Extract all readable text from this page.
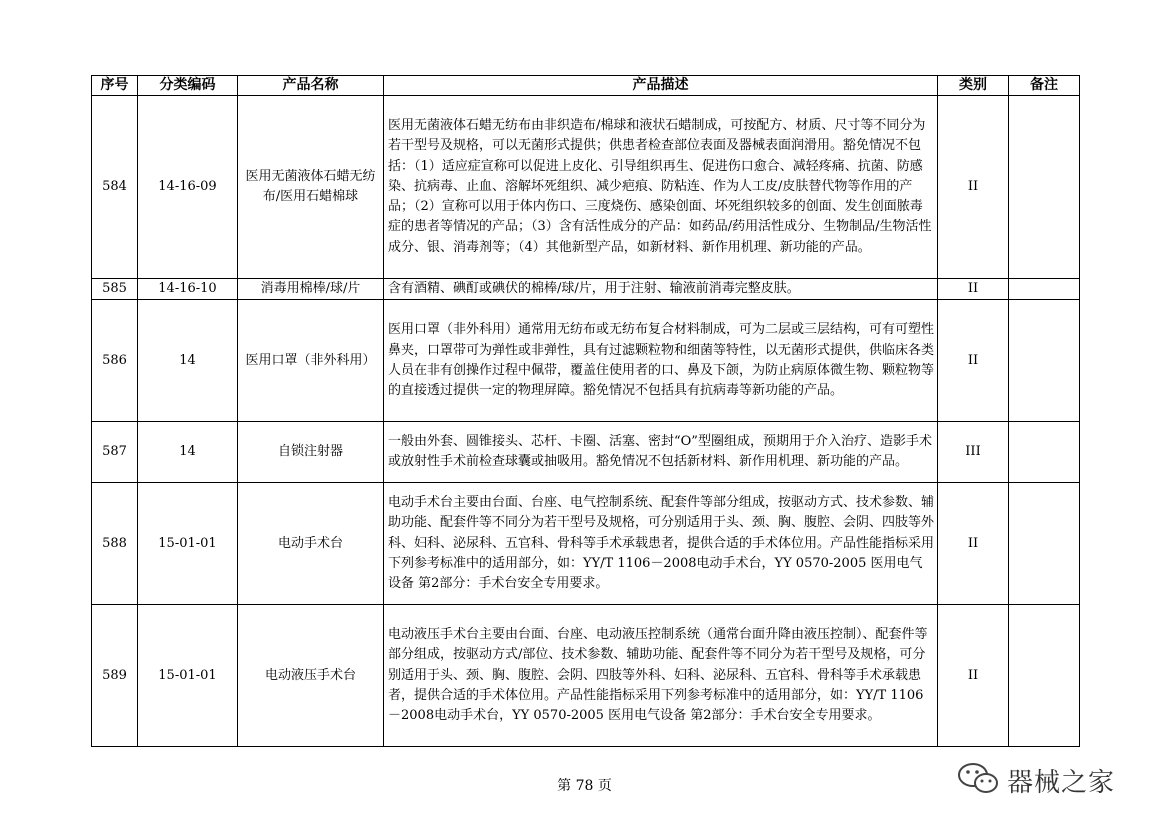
序号	分类编码	产品名称	产品描述	类别	备注
584	14-16-09	医用无菌液体石蜡无纺布/医用石蜡棉球	医用无菌液体石蜡无纺布由非织造布/棉球和液状石蜡制成，可按配方、材质、尺寸等不同分为若干型号及规格，可以无菌形式提供；供患者检查部位表面及器械表面润滑用。豁免情况不包括：（1）适应症宣称可以促进上皮化、引导组织再生、促进伤口愈合、减轻疼痛、抗菌、防感染、抗病毒、止血、溶解坏死组织、减少疤痕、防粘连、作为人工皮/皮肤替代物等作用的产品；（2）宣称可以用于体内伤口、三度烧伤、感染创面、坏死组织较多的创面、发生创面脓毒症的患者等情况的产品；（3）含有活性成分的产品：如药品/药用活性成分、生物制品/生物活性成分、银、消毒剂等；（4）其他新型产品，如新材料、新作用机理、新功能的产品。	II	
585	14-16-10	消毒用棉棒/球/片	含有酒精、碘酊或碘伏的棉棒/球/片，用于注射、输液前消毒完整皮肤。	II	
586	14	医用口罩（非外科用）	医用口罩（非外科用）通常用无纺布或无纺布复合材料制成，可为二层或三层结构，可有可塑性鼻夹，口罩带可为弹性或非弹性，具有过滤颗粒物和细菌等特性，以无菌形式提供，供临床各类人员在非有创操作过程中佩带，覆盖住使用者的口、鼻及下颌，为防止病原体微生物、颗粒物等的直接透过提供一定的物理屏障。豁免情况不包括具有抗病毒等新功能的产品。	II	
587	14	自锁注射器	一般由外套、圆锥接头、芯杆、卡圈、活塞、密封“O”型圈组成，预期用于介入治疗、造影手术或放射性手术前检查球囊或抽吸用。豁免情况不包括新材料、新作用机理、新功能的产品。	III	
588	15-01-01	电动手术台	电动手术台主要由台面、台座、电气控制系统、配套件等部分组成，按驱动方式、技术参数、辅助功能、配套件等不同分为若干型号及规格，可分别适用于头、颈、胸、腹腔、会阴、四肢等外科、妇科、泌尿科、五官科、骨科等手术承载患者，提供合适的手术体位用。产品性能指标采用下列参考标准中的适用部分，如：YY/T 1106－2008电动手术台，YY 0570-2005 医用电气设备 第2部分：手术台安全专用要求。	II	
589	15-01-01	电动液压手术台	电动液压手术台主要由台面、台座、电动液压控制系统（通常台面升降由液压控制）、配套件等部分组成，按驱动方式/部位、技术参数、辅助功能、配套件等不同分为若干型号及规格，可分别适用于头、颈、胸、腹腔、会阴、四肢等外科、妇科、泌尿科、五官科、骨科等手术承载患者，提供合适的手术体位用。产品性能指标采用下列参考标准中的适用部分，如：YY/T 1106－2008电动手术台，YY 0570-2005 医用电气设备 第2部分：手术台安全专用要求。	II	
第 78 页	器械之家
